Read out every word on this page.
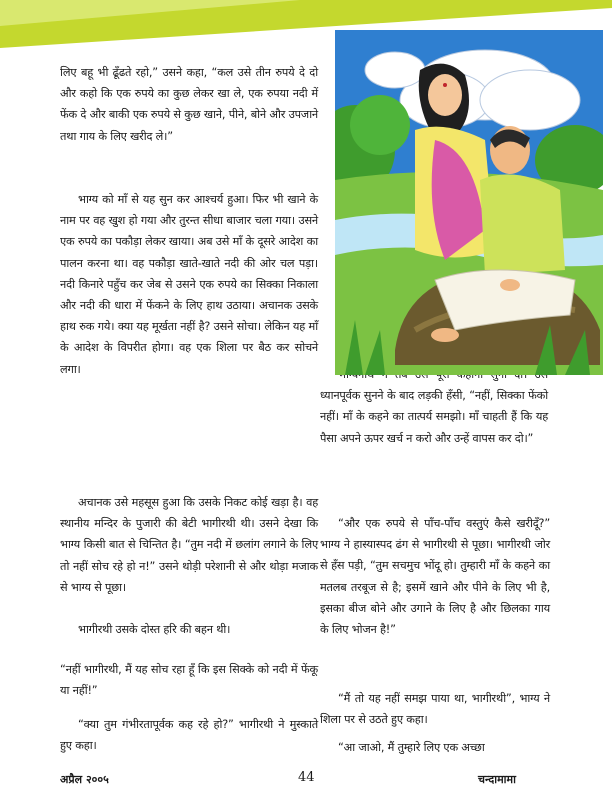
लिए बहू भी ढूँढते रहो,” उसने कहा, “कल उसे तीन रुपये दे दो और कहो कि एक रुपये का कुछ लेकर खा ले, एक रुपया नदी में फेंक दे और बाकी एक रुपये से कुछ खाने, पीने, बोने और उपजाने तथा गाय के लिए खरीद ले।”

भाग्य को माँ से यह सुन कर आश्चर्य हुआ। फिर भी खाने के नाम पर वह खुश हो गया और तुरन्त सीधा बाजार चला गया। उसने एक रुपये का पकौड़ा लेकर खाया। अब उसे माँ के दूसरे आदेश का पालन करना था। वह पकौड़ा खाते-खाते नदी की ओर चल पड़ा। नदी किनारे पहुँच कर जेब से उसने एक रुपये का सिक्का निकाला और नदी की धारा में फेंकने के लिए हाथ उठाया। अचानक उसके हाथ रुक गये। क्या यह मूर्खता नहीं है? उसने सोचा। लेकिन यह माँ के आदेश के विपरीत होगा। वह एक शिला पर बैठ कर सोचने लगा।

अचानक उसे महसूस हुआ कि उसके निकट कोई खड़ा है। वह स्थानीय मन्दिर के पुजारी की बेटी भागीरथी थी। उसने देखा कि भाग्य किसी बात से चिन्तित है। “तुम नदी में छलांग लगाने के लिए तो नहीं सोच रहे हो न!” उसने थोड़ी परेशानी से और थोड़ा मजाक से भाग्य से पूछा।

भागीरथी उसके दोस्त हरि की बहन थी।

“नहीं भागीरथी, मैं यह सोच रहा हूँ कि इस सिक्के को नदी में फेंकू या नहीं!”

“क्या तुम गंभीरतापूर्वक कह रहे हो?” भागीरथी ने मुस्काते हुए कहा।

ध्यानपूर्वक सुनने के बाद लड़की हँसी, “नहीं, सिक्का फेंको नहीं। माँ के कहने का तात्पर्य समझो। माँ चाहती हैं कि यह पैसा अपने ऊपर खर्च न करो और उन्हें वापस कर दो।”

“और एक रुपये से पाँच-पाँच वस्तुएं कैसे खरीदूँ?” भाग्य ने हास्यास्पद ढंग से भागीरथी से पूछा। भागीरथी जोर से हँस पड़ी, “तुम सचमुच भोंदू हो। तुम्हारी माँ के कहने का मतलब तरबूज से है; इसमें खाने और पीने के लिए भी है, इसका बीज बोने और उगाने के लिए है और छिलका गाय के लिए भोजन है!”

“मैं तो यह नहीं समझ पाया था, भागीरथी”, भाग्य ने शिला पर से उठते हुए कहा।

“आ जाओ, मैं तुम्हारे लिए एक अच्छा

अप्रैल २००५	44	चन्दामामा
